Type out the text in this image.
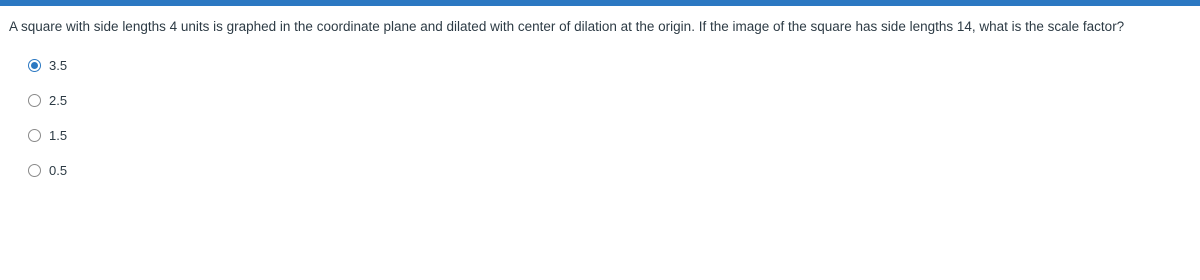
A square with side lengths 4 units is graphed in the coordinate plane and dilated with center of dilation at the origin. If the image of the square has side lengths 14, what is the scale factor?
3.5
2.5
1.5
0.5
